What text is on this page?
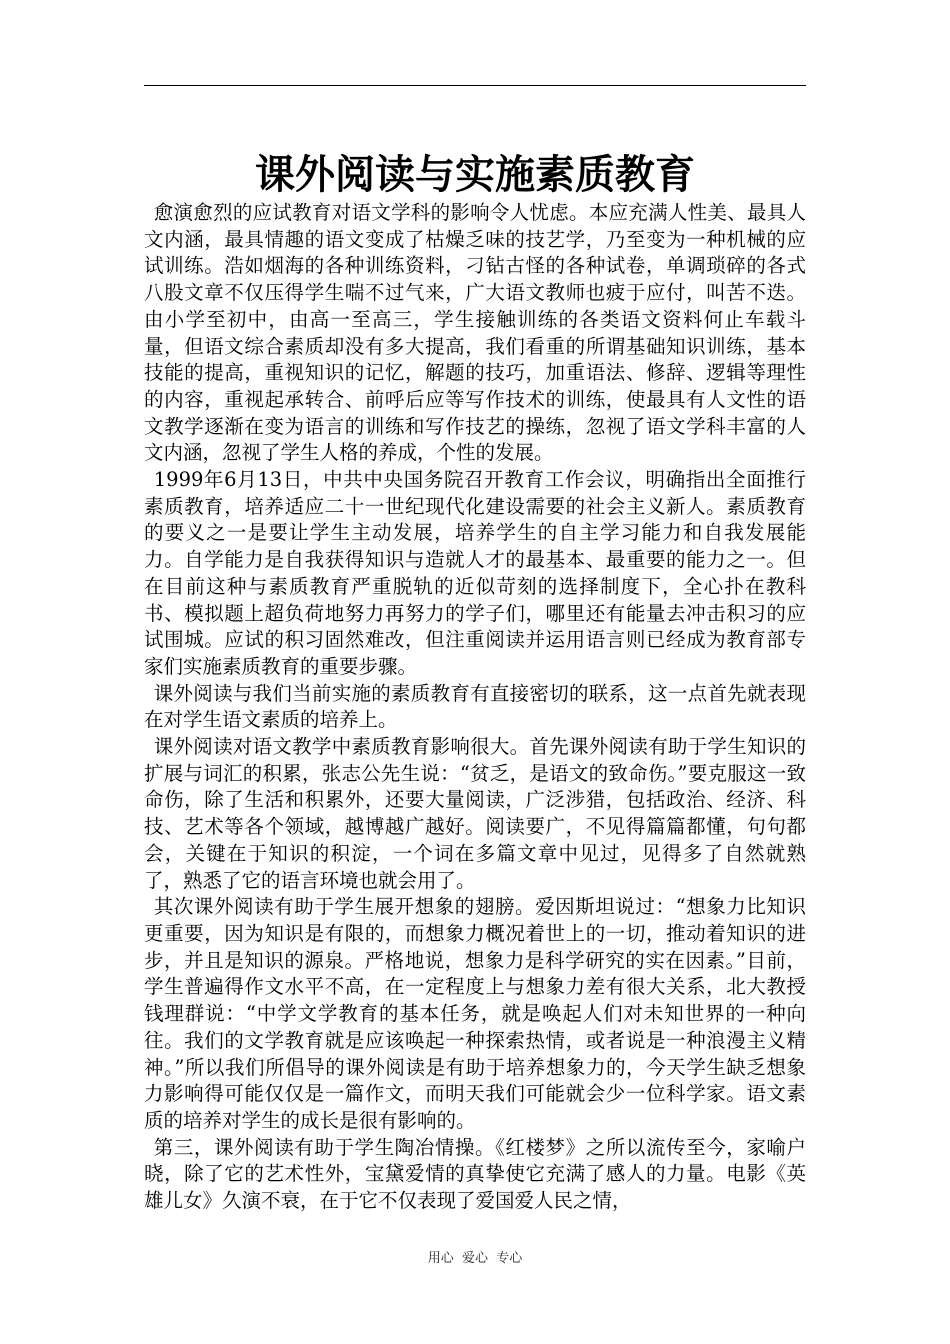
课外阅读与实施素质教育

愈演愈烈的应试教育对语文学科的影响令人忧虑。本应充满人性美、最具人文内涵，最具情趣的语文变成了枯燥乏味的技艺学，乃至变为一种机械的应试训练。浩如烟海的各种训练资料，刁钻古怪的各种试卷，单调琐碎的各式八股文章不仅压得学生喘不过气来，广大语文教师也疲于应付，叫苦不迭。由小学至初中，由高一至高三，学生接触训练的各类语文资料何止车载斗量，但语文综合素质却没有多大提高，我们看重的所谓基础知识训练，基本技能的提高，重视知识的记忆，解题的技巧，加重语法、修辞、逻辑等理性的内容，重视起承转合、前呼后应等写作技术的训练，使最具有人文性的语文教学逐渐在变为语言的训练和写作技艺的操练，忽视了语文学科丰富的人文内涵，忽视了学生人格的养成，个性的发展。

1999年6月13日，中共中央国务院召开教育工作会议，明确指出全面推行素质教育，培养适应二十一世纪现代化建设需要的社会主义新人。素质教育的要义之一是要让学生主动发展，培养学生的自主学习能力和自我发展能力。自学能力是自我获得知识与造就人才的最基本、最重要的能力之一。但在目前这种与素质教育严重脱轨的近似苛刻的选择制度下，全心扑在教科书、模拟题上超负荷地努力再努力的学子们，哪里还有能量去冲击积习的应试围城。应试的积习固然难改，但注重阅读并运用语言则已经成为教育部专家们实施素质教育的重要步骤。

课外阅读与我们当前实施的素质教育有直接密切的联系，这一点首先就表现在对学生语文素质的培养上。

课外阅读对语文教学中素质教育影响很大。首先课外阅读有助于学生知识的扩展与词汇的积累，张志公先生说：“贫乏，是语文的致命伤。”要克服这一致命伤，除了生活和积累外，还要大量阅读，广泛涉猎，包括政治、经济、科技、艺术等各个领域，越博越广越好。阅读要广，不见得篇篇都懂，句句都会，关键在于知识的积淀，一个词在多篇文章中见过，见得多了自然就熟了，熟悉了它的语言环境也就会用了。

其次课外阅读有助于学生展开想象的翅膀。爱因斯坦说过：“想象力比知识更重要，因为知识是有限的，而想象力概况着世上的一切，推动着知识的进步，并且是知识的源泉。严格地说，想象力是科学研究的实在因素。”目前，学生普遍得作文水平不高，在一定程度上与想象力差有很大关系，北大教授钱理群说：“中学文学教育的基本任务，就是唤起人们对未知世界的一种向往。我们的文学教育就是应该唤起一种探索热情，或者说是一种浪漫主义精神。”所以我们所倡导的课外阅读是有助于培养想象力的，今天学生缺乏想象力影响得可能仅仅是一篇作文，而明天我们可能就会少一位科学家。语文素质的培养对学生的成长是很有影响的。

第三，课外阅读有助于学生陶冶情操。《红楼梦》之所以流传至今，家喻户晓，除了它的艺术性外，宝黛爱情的真挚使它充满了感人的力量。电影《英雄儿女》久演不衰，在于它不仅表现了爱国爱人民之情，

用心  爱心  专心
